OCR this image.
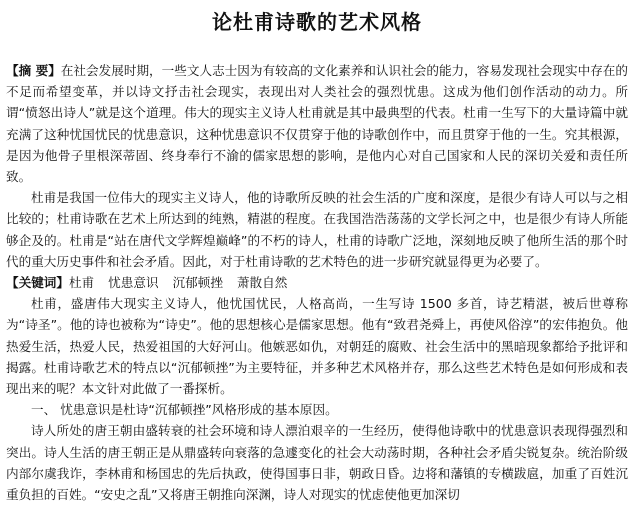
论杜甫诗歌的艺术风格

【摘 要】在社会发展时期，一些文人志士因为有较高的文化素养和认识社会的能力，容易发现社会现实中存在的不足而希望变革，并以诗文抒击社会现实，表现出对人类社会的强烈忧患。这成为他们创作活动的动力。所谓“愤怒出诗人”就是这个道理。伟大的现实主义诗人杜甫就是其中最典型的代表。杜甫一生写下的大量诗篇中就充满了这种忧国忧民的忧患意识，这种忧患意识不仅贯穿于他的诗歌创作中，而且贯穿于他的一生。究其根源，是因为他骨子里根深蒂固、终身奉行不渝的儒家思想的影响，是他内心对自己国家和人民的深切关爱和责任所致。

杜甫是我国一位伟大的现实主义诗人，他的诗歌所反映的社会生活的广度和深度，是很少有诗人可以与之相比较的；杜甫诗歌在艺术上所达到的纯熟，精湛的程度。在我国浩浩荡荡的文学长河之中，也是很少有诗人所能够企及的。杜甫是“站在唐代文学辉煌巅峰”的不朽的诗人，杜甫的诗歌广泛地，深刻地反映了他所生活的那个时代的重大历史事件和社会矛盾。因此，对于杜甫诗歌的艺术特色的进一步研究就显得更为必要了。

【关键词】杜甫 忧患意识 沉郁顿挫 萧散自然

杜甫，盛唐伟大现实主义诗人，他忧国忧民，人格高尚，一生写诗 1500 多首，诗艺精湛，被后世尊称为“诗圣”。他的诗也被称为“诗史”。他的思想核心是儒家思想。他有“致君尧舜上，再使风俗淳”的宏伟抱负。他热爱生活，热爱人民，热爱祖国的大好河山。他嫉恶如仇，对朝廷的腐败、社会生活中的黑暗现象都给予批评和揭露。杜甫诗歌艺术的特点以“沉郁顿挫”为主要特征，并多种艺术风格并存，那么这些艺术特色是如何形成和表现出来的呢？本文针对此做了一番探析。

一、 忧患意识是杜诗“沉郁顿挫”风格形成的基本原因。

诗人所处的唐王朝由盛转衰的社会环境和诗人漂泊艰辛的一生经历，使得他诗歌中的忧患意识表现得强烈和突出。诗人生活的唐王朝正是从鼎盛转向衰落的急遽变化的社会大动荡时期，各种社会矛盾尖锐复杂。统治阶级内部尔虞我诈，李林甫和杨国忠的先后执政，使得国事日非，朝政日昏。边将和藩镇的专横跋扈，加重了百姓沉重负担的百姓。“安史之乱”又将唐王朝推向深渊，诗人对现实的忧虑使他更加深切
